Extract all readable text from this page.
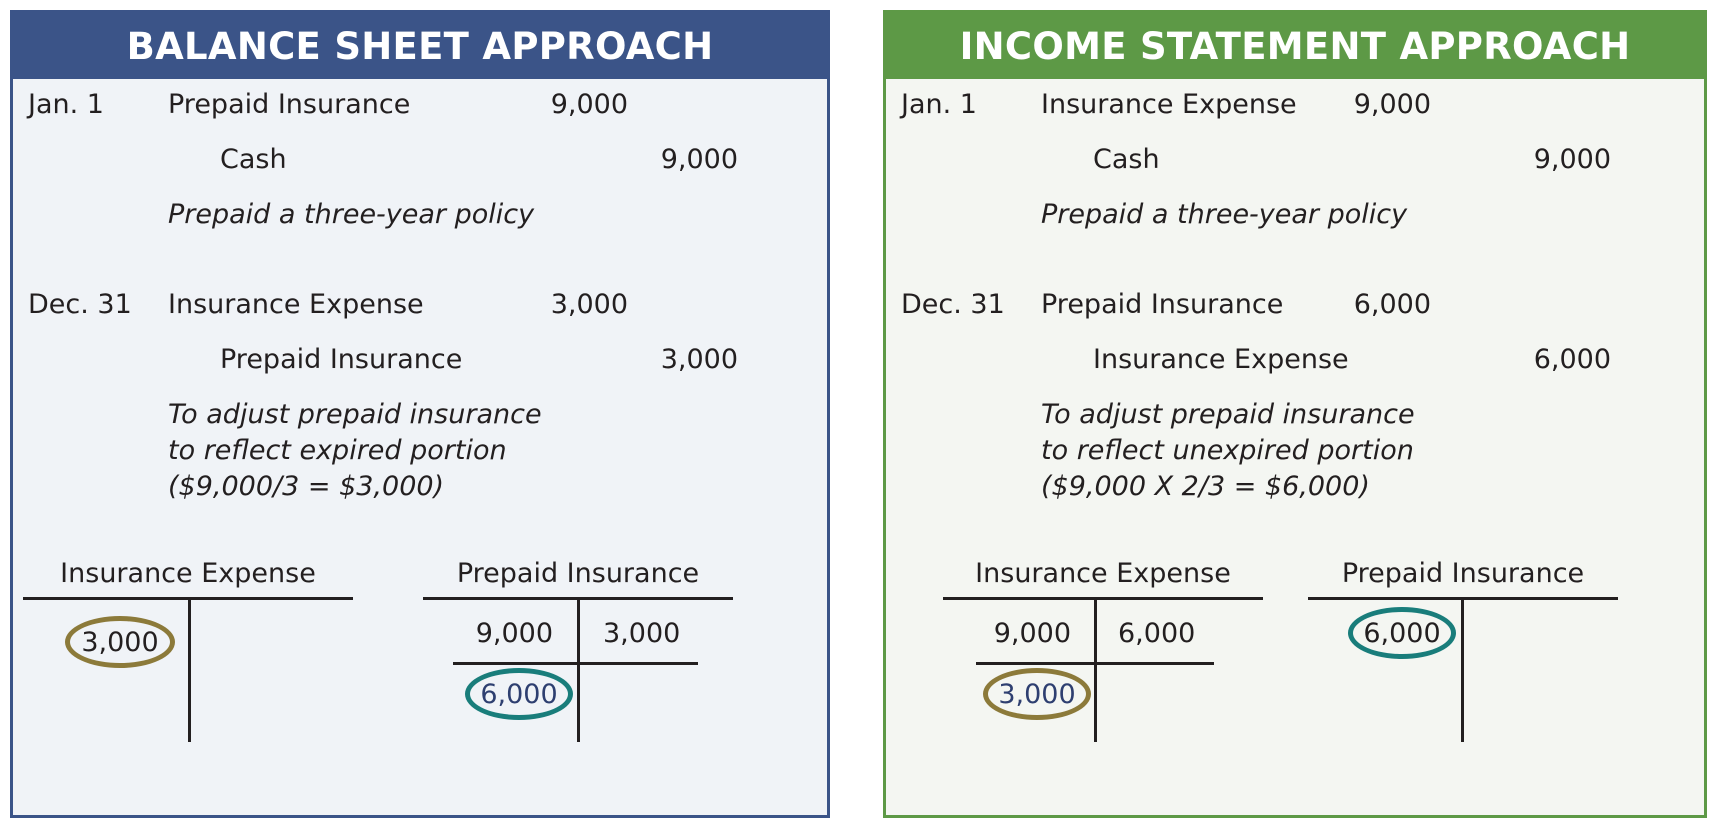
BALANCE SHEET APPROACH
Jan. 1 Prepaid Insurance	9,000
Cash	9,000
Prepaid a three-year policy
Dec. 31 Insurance Expense	3,000
Prepaid Insurance	3,000
To adjust prepaid insurance
to reflect expired portion
($9,000/3 = $3,000)
Insurance Expense
3,000
Prepaid Insurance
9,000 3,000
6,000
INCOME STATEMENT APPROACH
Jan. 1 Insurance Expense	9,000
Cash	9,000
Prepaid a three-year policy
Dec. 31 Prepaid Insurance	6,000
Insurance Expense	6,000
To adjust prepaid insurance
to reflect unexpired portion
($9,000 X 2/3 = $6,000)
Insurance Expense
9,000 6,000
3,000
Prepaid Insurance
6,000
